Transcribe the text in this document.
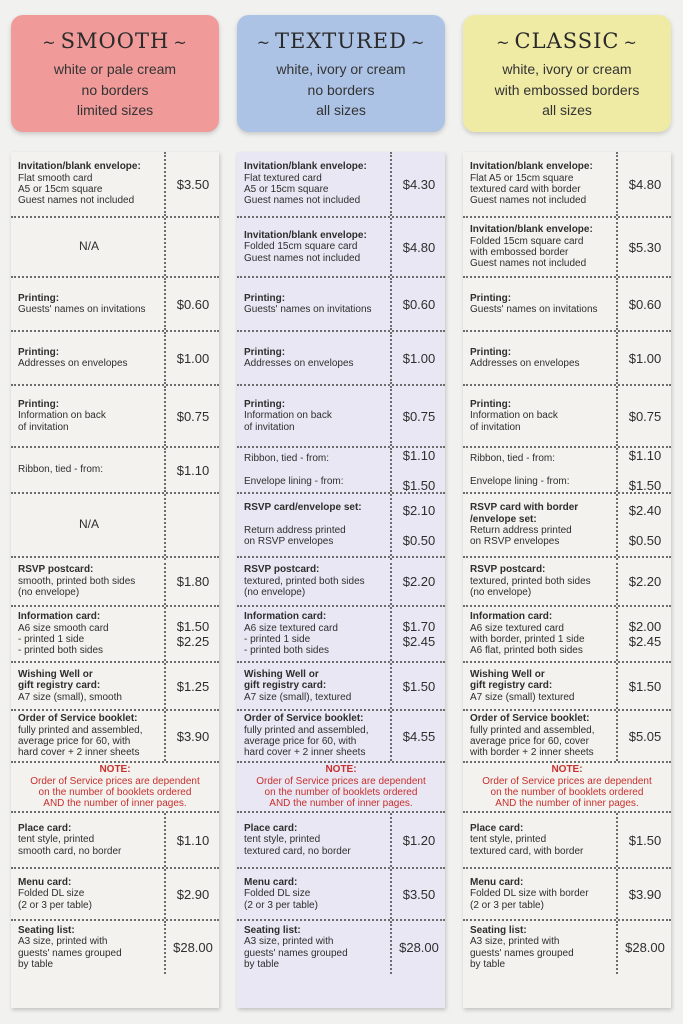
~ SMOOTH ~
white or pale cream
no borders
limited sizes
Invitation/blank envelope:
Flat smooth card
A5 or 15cm square
Guest names not included
$3.50
N/A
Printing:
Guests' names on invitations	$0.60
Printing:
Addresses on envelopes	$1.00
Printing:
Information on back
of invitation
$0.75
Ribbon, tied - from:	$1.10
N/A
RSVP postcard:
smooth, printed both sides
(no envelope)
$1.80
Information card:
A6 size smooth card
- printed 1 side
- printed both sides
$1.50
$2.25
Wishing Well or
gift registry card:
A7 size (small), smooth
$1.25
Order of Service booklet:
fully printed and assembled,
average price for 60, with
hard cover + 2 inner sheets
$3.90
NOTE:
Order of Service prices are dependent
on the number of booklets ordered
AND the number of inner pages.
Place card:
tent style, printed
smooth card, no border
$1.10
Menu card:
Folded DL size
(2 or 3 per table)
$2.90
Seating list:
A3 size, printed with
guests' names grouped
by table
$28.00
~ TEXTURED ~
white, ivory or cream
no borders
all sizes
Invitation/blank envelope:
Flat textured card
A5 or 15cm square
Guest names not included
$4.30
Invitation/blank envelope:
Folded 15cm square card
Guest names not included
$4.80
Printing:
Guests' names on invitations	$0.60
Printing:
Addresses on envelopes	$1.00
Printing:
Information on back
of invitation
$0.75
Ribbon, tied - from:

Envelope lining - from:
$1.10

$1.50
RSVP card/envelope set:

Return address printed
on RSVP envelopes
$2.10

$0.50
RSVP postcard:
textured, printed both sides
(no envelope)
$2.20
Information card:
A6 size textured card
- printed 1 side
- printed both sides
$1.70
$2.45
Wishing Well or
gift registry card:
A7 size (small), textured
$1.50
Order of Service booklet:
fully printed and assembled,
average price for 60, with
hard cover + 2 inner sheets
$4.55
NOTE:
Order of Service prices are dependent
on the number of booklets ordered
AND the number of inner pages.
Place card:
tent style, printed
textured card, no border
$1.20
Menu card:
Folded DL size
(2 or 3 per table)
$3.50
Seating list:
A3 size, printed with
guests' names grouped
by table
$28.00
~ CLASSIC ~
white, ivory or cream
with embossed borders
all sizes
Invitation/blank envelope:
Flat A5 or 15cm square
textured card with border
Guest names not included
$4.80
Invitation/blank envelope:
Folded 15cm square card
with embossed border
Guest names not included
$5.30
Printing:
Guests' names on invitations	$0.60
Printing:
Addresses on envelopes	$1.00
Printing:
Information on back
of invitation
$0.75
Ribbon, tied - from:

Envelope lining - from:
$1.10

$1.50
RSVP card with border
/envelope set:
Return address printed
on RSVP envelopes
$2.40

$0.50
RSVP postcard:
textured, printed both sides
(no envelope)
$2.20
Information card:
A6 size textured card
with border, printed 1 side
A6 flat, printed both sides
$2.00
$2.45
Wishing Well or
gift registry card:
A7 size (small) textured
$1.50
Order of Service booklet:
fully printed and assembled,
average price for 60, cover
with border + 2 inner sheets
$5.05
NOTE:
Order of Service prices are dependent
on the number of booklets ordered
AND the number of inner pages.
Place card:
tent style, printed
textured card, with border
$1.50
Menu card:
Folded DL size with border
(2 or 3 per table)
$3.90
Seating list:
A3 size, printed with
guests' names grouped
by table
$28.00
